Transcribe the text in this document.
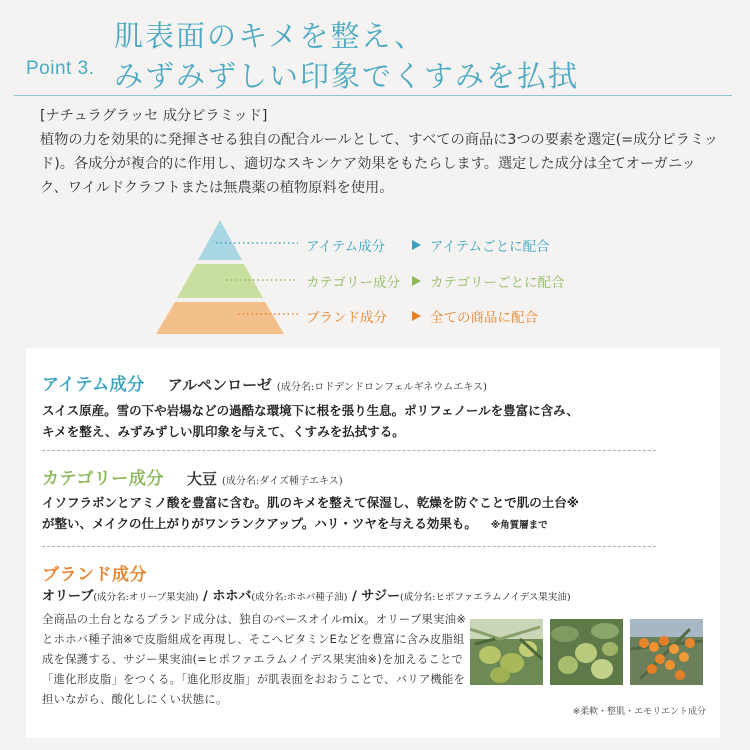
Point 3.
肌表面のキメを整え、
みずみずしい印象でくすみを払拭
[ナチュラグラッセ 成分ピラミッド]
植物の力を効果的に発揮させる独自の配合ルールとして、すべての商品に3つの要素を選定(=成分ピラミッド)。各成分が複合的に作用し、適切なスキンケア効果をもたらします。選定した成分は全てオーガニック、ワイルドクラフトまたは無農薬の植物原料を使用。
アイテム成分	アイテムごとに配合
カテゴリー成分 カテゴリーごとに配合
ブランド成分	全ての商品に配合
アイテム成分 アルペンローゼ (成分名:ロドデンドロンフェルギネウムエキス)
スイス原産。雪の下や岩場などの過酷な環境下に根を張り生息。ポリフェノールを豊富に含み、キメを整え、みずみずしい肌印象を与えて、くすみを払拭する。
カテゴリー成分 大豆 (成分名:ダイズ種子エキス)
イソフラボンとアミノ酸を豊富に含む。肌のキメを整えて保湿し、乾燥を防ぐことで肌の土台※が整い、メイクの仕上がりがワンランクアップ。ハリ・ツヤを与える効果も。 ※角質層まで
ブランド成分
オリーブ(成分名:オリーブ果実油) / ホホバ(成分名:ホホバ種子油) / サジー(成分名:ヒポファエラムノイデス果実油)
全商品の土台となるブランド成分は、独自のベースオイルmix。オリーブ果実油※とホホバ種子油※で皮脂組成を再現し、そこへビタミンEなどを豊富に含み皮脂組成を保護する、サジー果実油(=ヒポファエラムノイデス果実油※)を加えることで「進化形皮脂」をつくる。「進化形皮脂」が肌表面をおおうことで、バリア機能を担いながら、酸化しにくい状態に。
※柔軟・整肌・エモリエント成分
